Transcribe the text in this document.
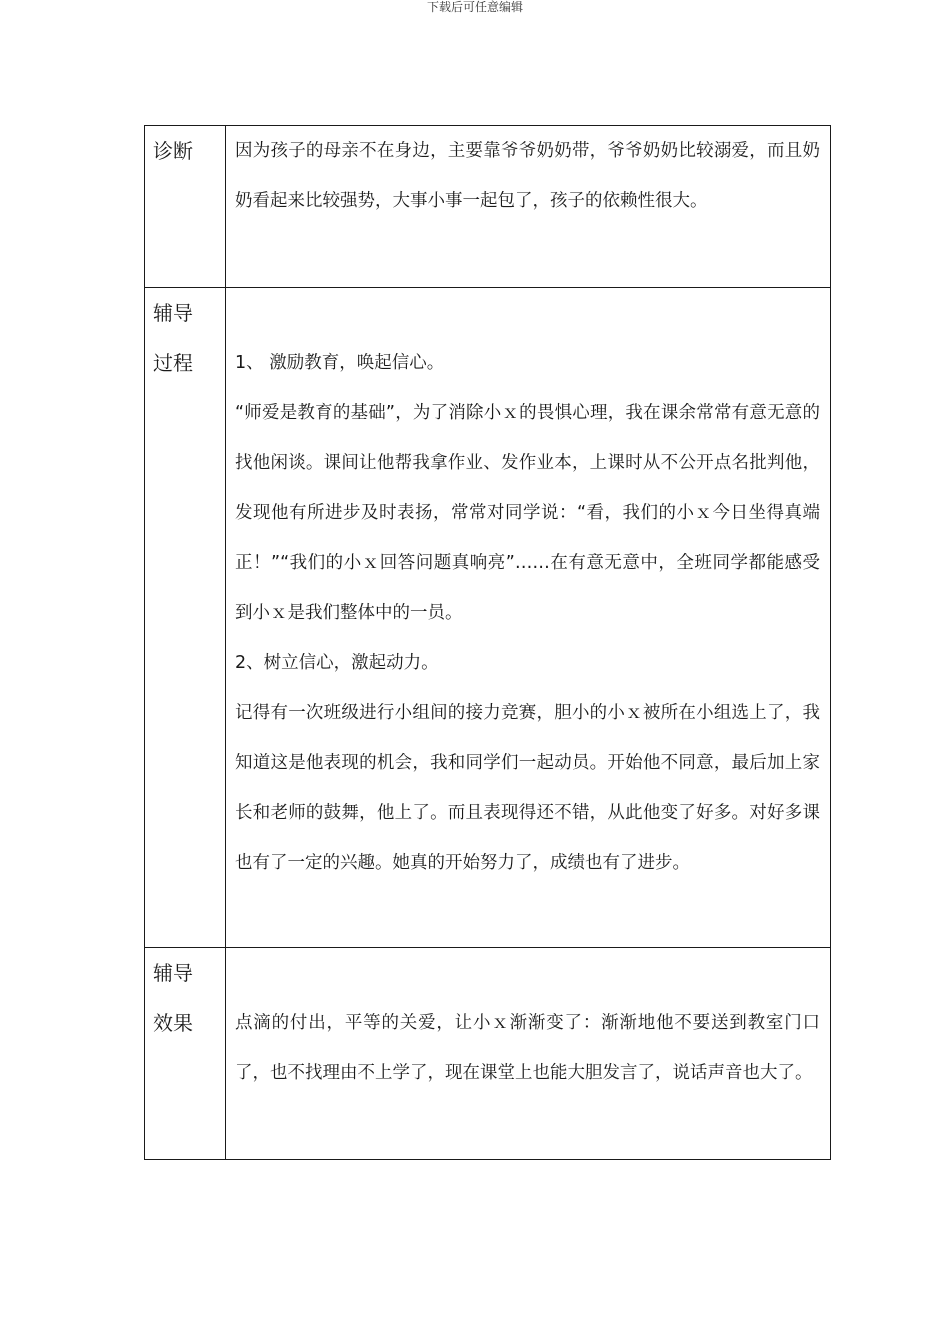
下载后可任意编辑
诊断	因为孩子的母亲不在身边，主要靠爷爷奶奶带，爷爷奶奶比较溺爱，而且奶奶看起来比较强势，大事小事一起包了，孩子的依赖性很大。

辅导
过程	1、 激励教育，唤起信心。
“师爱是教育的基础”，为了消除小ｘ的畏惧心理，我在课余常常有意无意的找他闲谈。课间让他帮我拿作业、发作业本，上课时从不公开点名批判他，发现他有所进步及时表扬，常常对同学说：“看，我们的小ｘ今日坐得真端正！”“我们的小ｘ回答问题真响亮”……在有意无意中，全班同学都能感受到小ｘ是我们整体中的一员。
2、树立信心，激起动力。
记得有一次班级进行小组间的接力竞赛，胆小的小ｘ被所在小组选上了，我知道这是他表现的机会，我和同学们一起动员。开始他不同意，最后加上家长和老师的鼓舞，他上了。而且表现得还不错，从此他变了好多。对好多课也有了一定的兴趣。她真的开始努力了，成绩也有了进步。

辅导
效果	点滴的付出，平等的关爱，让小ｘ渐渐变了：渐渐地他不要送到教室门口了，也不找理由不上学了，现在课堂上也能大胆发言了，说话声音也大了。
